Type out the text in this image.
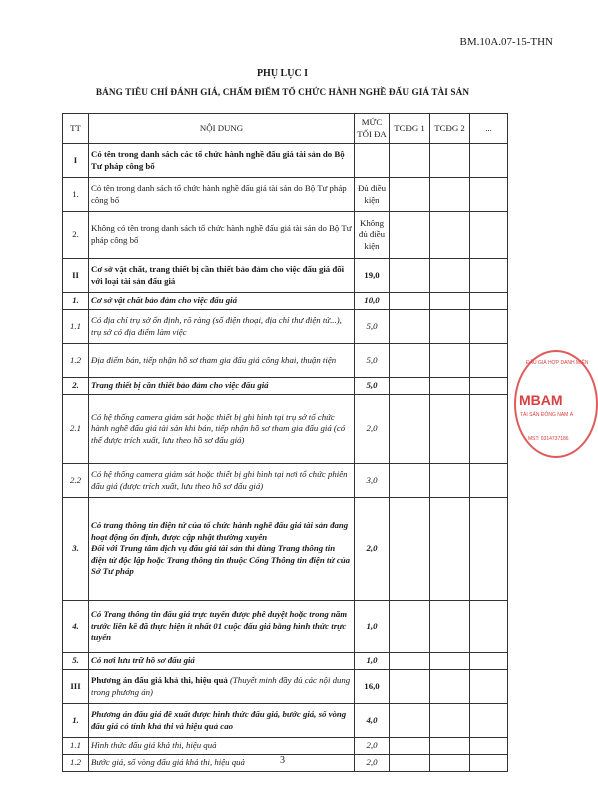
BM.10A.07-15-THN
PHỤ LỤC I
BẢNG TIÊU CHÍ ĐÁNH GIÁ, CHẤM ĐIỂM TỔ CHỨC HÀNH NGHỀ ĐẤU GIÁ TÀI SẢN
TT	NỘI DUNG	MỨC TỐI ĐA	TCĐG 1	TCĐG 2	...
I	Có tên trong danh sách các tổ chức hành nghề đấu giá tài sản do Bộ Tư pháp công bố				
1.	Có tên trong danh sách tổ chức hành nghề đấu giá tài sản do Bộ Tư pháp công bố	Đủ điều kiện			
2.	Không có tên trong danh sách tổ chức hành nghề đấu giá tài sản do Bộ Tư pháp công bố	Không đủ điều kiện			
II	Cơ sở vật chất, trang thiết bị cần thiết bảo đảm cho việc đấu giá đối với loại tài sản đấu giá	19,0			
1.	Cơ sở vật chất bảo đảm cho việc đấu giá	10,0			
1.1	Có địa chỉ trụ sở ổn định, rõ ràng (số điện thoại, địa chỉ thư điện tử...), trụ sở có địa điểm làm việc	5,0			
1.2	Địa điểm bán, tiếp nhận hồ sơ tham gia đấu giá công khai, thuận tiện	5,0			
2.	Trang thiết bị cần thiết bảo đảm cho việc đấu giá	5,0			
2.1	Có hệ thống camera giám sát hoặc thiết bị ghi hình tại trụ sở tổ chức hành nghề đấu giá tài sản khi bán, tiếp nhận hồ sơ tham gia đấu giá (có thể được trích xuất, lưu theo hồ sơ đấu giá)	2,0			
2.2	Có hệ thống camera giám sát hoặc thiết bị ghi hình tại nơi tổ chức phiên đấu giá (được trích xuất, lưu theo hồ sơ đấu giá)	3,0			
3.	Có trang thông tin điện tử của tổ chức hành nghề đấu giá tài sản đang hoạt động ổn định, được cập nhật thường xuyên
Đối với Trung tâm dịch vụ đấu giá tài sản thì dùng Trang thông tin điện tử độc lập hoặc Trang thông tin thuộc Cổng Thông tin điện tử của Sở Tư pháp	2,0			
4.	Có Trang thông tin đấu giá trực tuyến được phê duyệt hoặc trong năm trước liền kề đã thực hiện ít nhất 01 cuộc đấu giá bằng hình thức trực tuyến	1,0			
5.	Có nơi lưu trữ hồ sơ đấu giá	1,0			
III	Phương án đấu giá khả thi, hiệu quả (Thuyết minh đầy đủ các nội dung trong phương án)	16,0			
1.	Phương án đấu giá đề xuất được hình thức đấu giá, bước giá, số vòng đấu giá có tính khả thi và hiệu quả cao	4,0			
1.1	Hình thức đấu giá khả thi, hiệu quả	2,0			
1.2	Bước giá, số vòng đấu giá khả thi, hiệu quả	2,0			
ĐẤU GIÁ HỢP DANH MIỀN
MBAM
TÀI SẢN ĐÔNG NAM Á
MST: 0314737186
3
